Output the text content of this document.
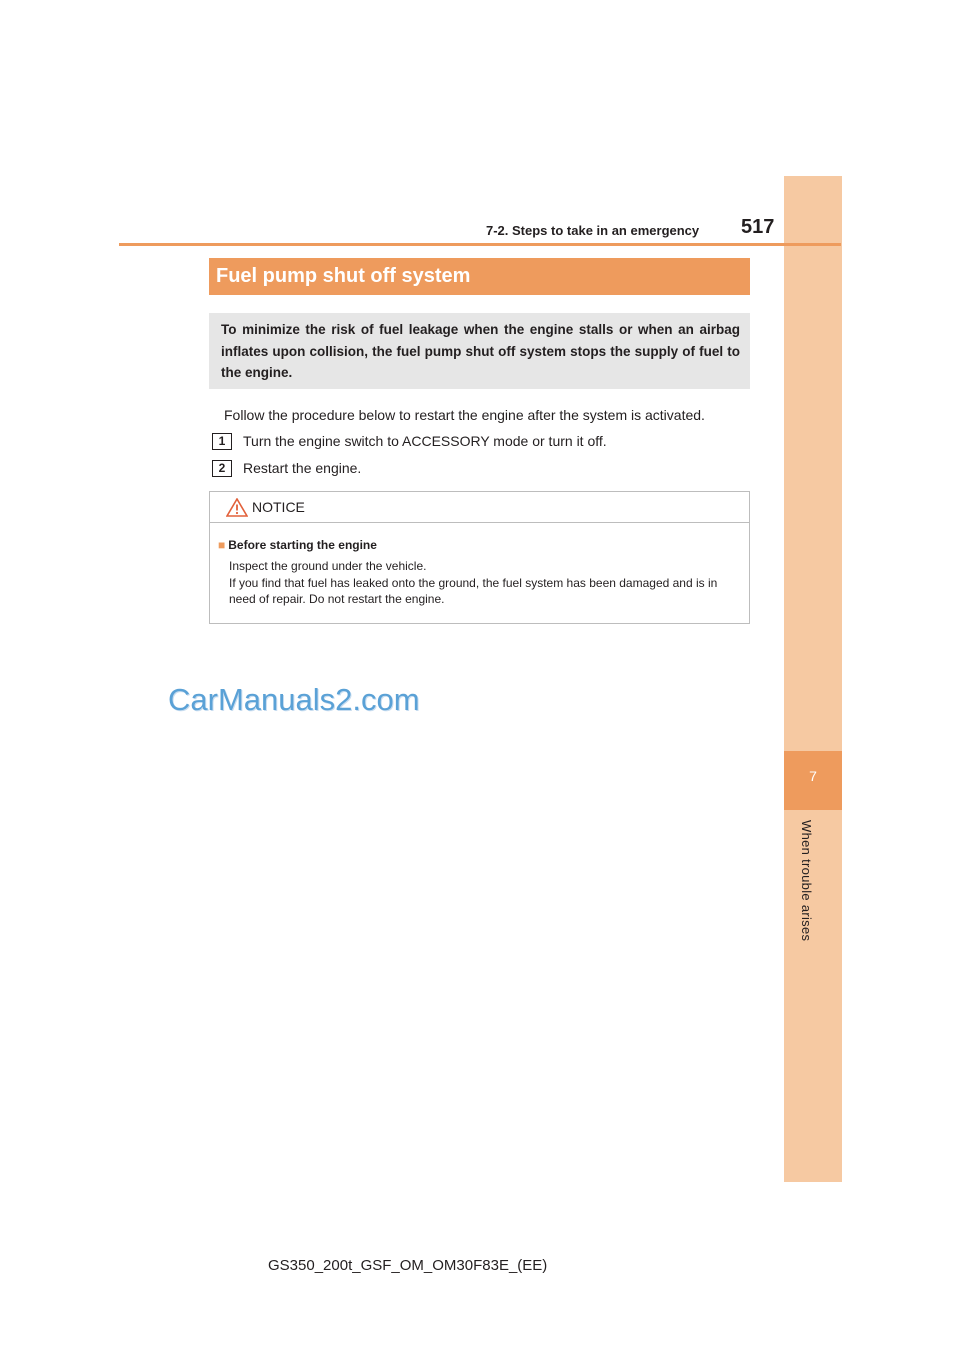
7
When trouble arises
7-2. Steps to take in an emergency 517
Fuel pump shut off system
To minimize the risk of fuel leakage when the engine stalls or when an airbag inflates upon collision, the fuel pump shut off system stops the supply of fuel to the engine.
Follow the procedure below to restart the engine after the system is activated.
1 Turn the engine switch to ACCESSORY mode or turn it off.
2 Restart the engine.
NOTICE
■ Before starting the engine
Inspect the ground under the vehicle.
If you find that fuel has leaked onto the ground, the fuel system has been damaged and is in need of repair. Do not restart the engine.
CarManuals2.com
GS350_200t_GSF_OM_OM30F83E_(EE)
